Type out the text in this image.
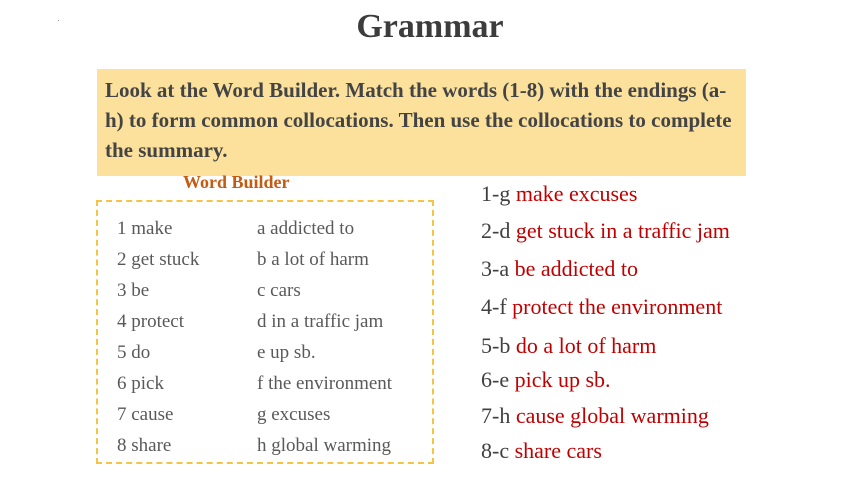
Grammar
Look at the Word Builder. Match the words (1-8) with the endings (a-h) to form common collocations. Then use the collocations to complete the summary.
Word Builder
1 make
2 get stuck
3 be
4 protect
5 do
6 pick
7 cause
8 share
a addicted to
b a lot of harm
c cars
d in a traffic jam
e up sb.
f the environment
g excuses
h global warming
1-g make excuses
2-d get stuck in a traffic jam
3-a be addicted to
4-f protect the environment
5-b do a lot of harm
6-e pick up sb.
7-h cause global warming
8-c share cars
